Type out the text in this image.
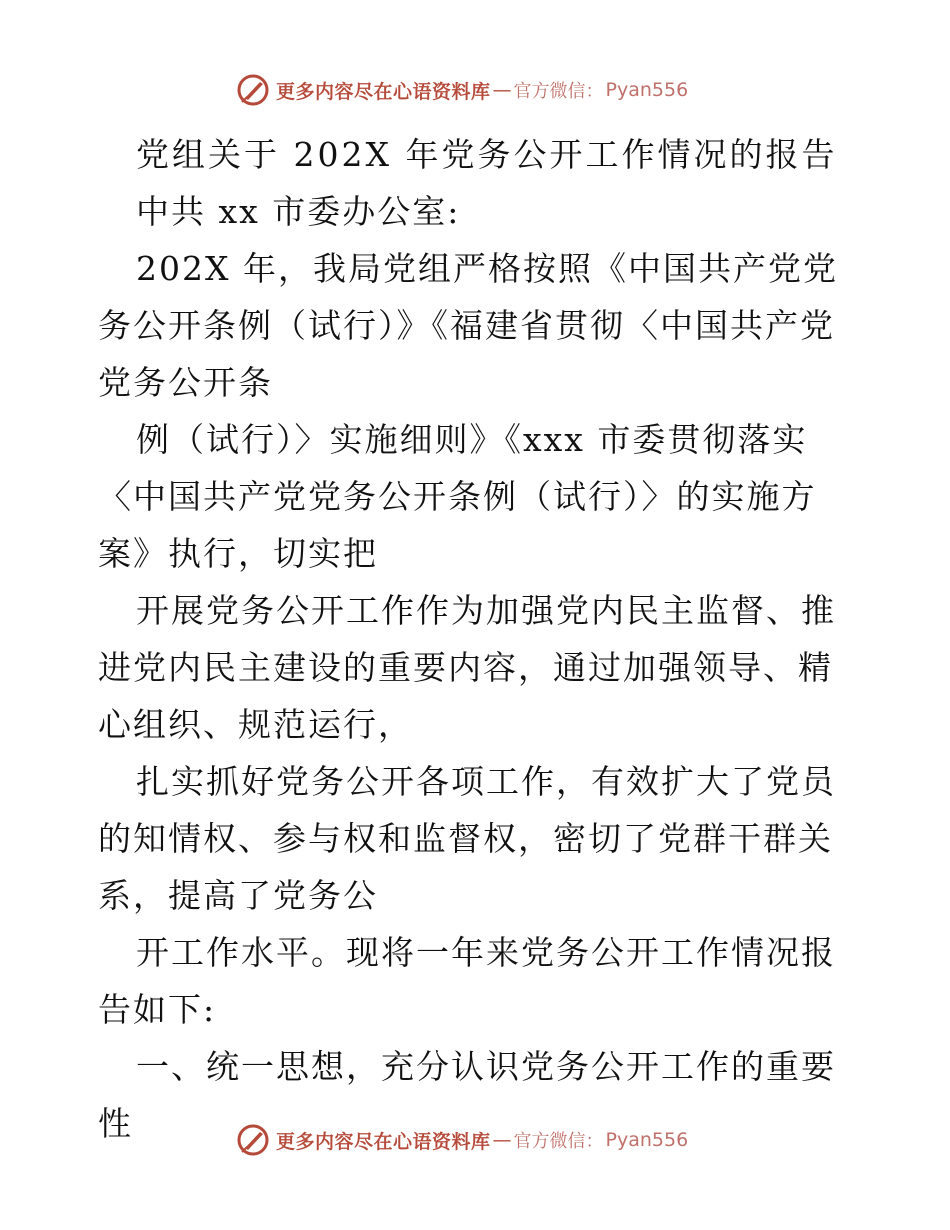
更多内容尽在心语资料库 — 官方微信： Pyan556

党组关于 202X 年党务公开工作情况的报告

中共 xx 市委办公室:

202X 年，我局党组严格按照《中国共产党党务公开条例（试行）》《福建省贯彻〈中国共产党党务公开条

例（试行）〉实施细则》《xxx 市委贯彻落实〈中国共产党党务公开条例（试行）〉的实施方案》执行，切实把

开展党务公开工作作为加强党内民主监督、推进党内民主建设的重要内容，通过加强领导、精心组织、规范运行，

扎实抓好党务公开各项工作，有效扩大了党员的知情权、参与权和监督权，密切了党群干群关系，提高了党务公

开工作水平。现将一年来党务公开工作情况报告如下:

一、统一思想，充分认识党务公开工作的重要性	更多内容尽在心语资料库 — 官方微信： Pyan556
